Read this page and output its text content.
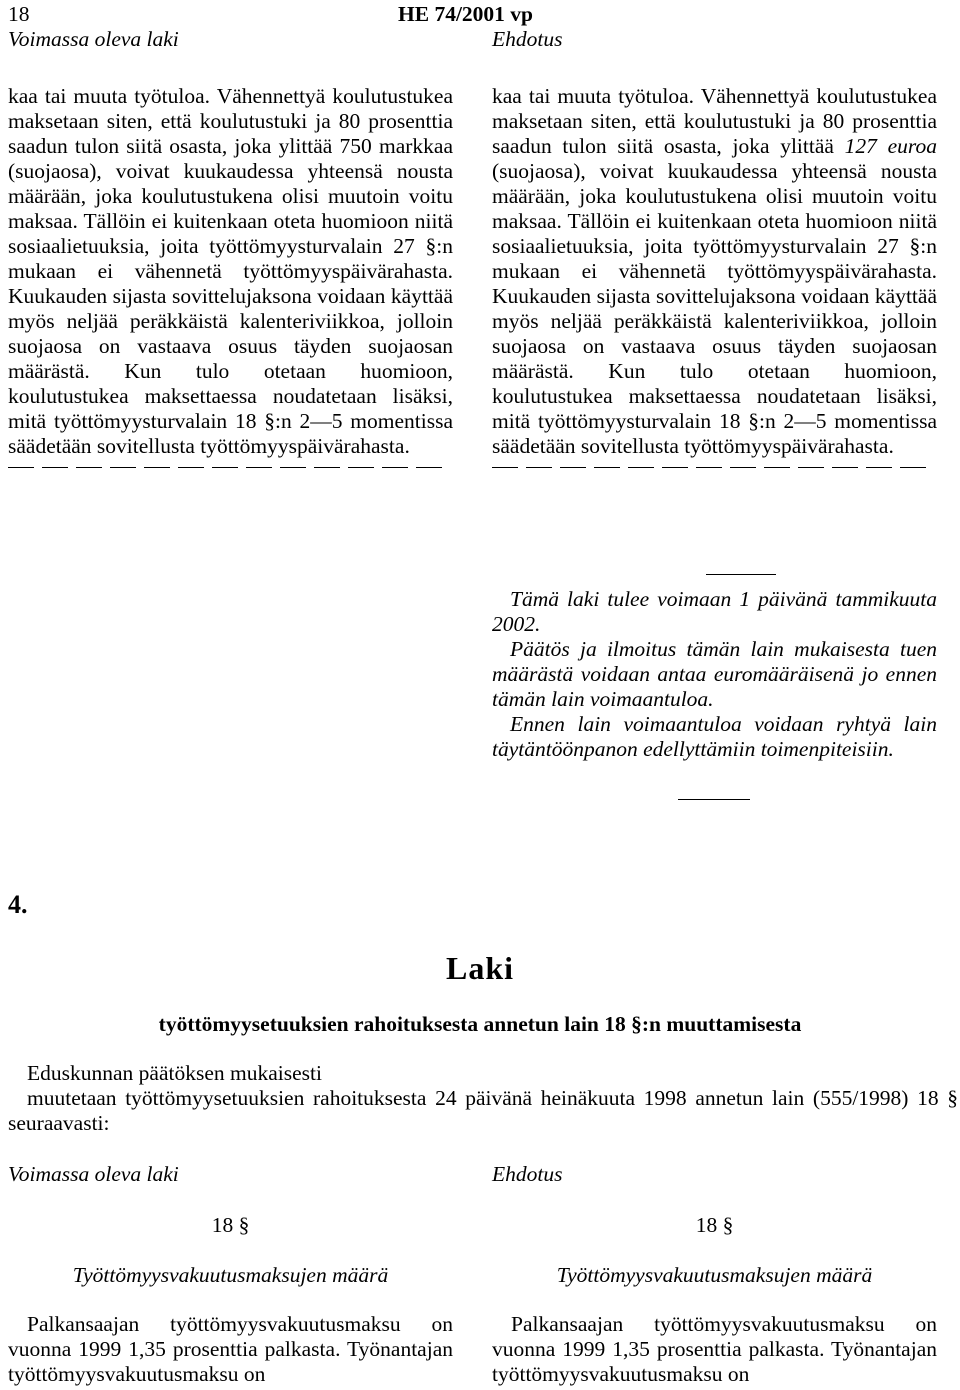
18	HE 74/2001 vp
Voimassa oleva laki	Ehdotus

kaa tai muuta työtuloa. Vähennettyä koulutustukea maksetaan siten, että koulutustuki ja 80 prosenttia saadun tulon siitä osasta, joka ylittää 750 markkaa (suojaosa), voivat kuukaudessa yhteensä nousta määrään, joka koulutustukena olisi muutoin voitu maksaa. Tällöin ei kuitenkaan oteta huomioon niitä sosiaalietuuksia, joita työttömyysturvalain 27 §:n mukaan ei vähennetä työttömyyspäivärahasta. Kuukauden sijasta sovittelujaksona voidaan käyttää myös neljää peräkkäistä kalenteriviikkoa, jolloin suojaosa on vastaava osuus täyden suojaosan määrästä. Kun tulo otetaan huomioon, koulutustukea maksettaessa noudatetaan lisäksi, mitä työttömyysturvalain 18 §:n 2—5 momentissa säädetään sovitellusta työttömyyspäivärahasta.

kaa tai muuta työtuloa. Vähennettyä koulutustukea maksetaan siten, että koulutustuki ja 80 prosenttia saadun tulon siitä osasta, joka ylittää 127 euroa (suojaosa), voivat kuukaudessa yhteensä nousta määrään, joka koulutustukena olisi muutoin voitu maksaa. Tällöin ei kuitenkaan oteta huomioon niitä sosiaalietuuksia, joita työttömyysturvalain 27 §:n mukaan ei vähennetä työttömyyspäivärahasta. Kuukauden sijasta sovittelujaksona voidaan käyttää myös neljää peräkkäistä kalenteriviikkoa, jolloin suojaosa on vastaava osuus täyden suojaosan määrästä. Kun tulo otetaan huomioon, koulutustukea maksettaessa noudatetaan lisäksi, mitä työttömyysturvalain 18 §:n 2—5 momentissa säädetään sovitellusta työttömyyspäivärahasta.

Tämä laki tulee voimaan 1 päivänä tammikuuta 2002.

Päätös ja ilmoitus tämän lain mukaisesta tuen määrästä voidaan antaa euromääräisenä jo ennen tämän lain voimaantuloa.

Ennen lain voimaantuloa voidaan ryhtyä lain täytäntöönpanon edellyttämiin toimenpiteisiin.

4.
Laki
työttömyysetuuksien rahoituksesta annetun lain 18 §:n muuttamisesta
Eduskunnan päätöksen mukaisesti
muutetaan työttömyysetuuksien rahoituksesta 24 päivänä heinäkuuta 1998 annetun lain (555/1998) 18 § seuraavasti:
Voimassa oleva laki	Ehdotus
18 §	18 §
Työttömyysvakuutusmaksujen määrä	Työttömyysvakuutusmaksujen määrä

Palkansaajan työttömyysvakuutusmaksu on vuonna 1999 1,35 prosenttia palkasta. Työnantajan työttömyysvakuutusmaksu on

Palkansaajan työttömyysvakuutusmaksu on vuonna 1999 1,35 prosenttia palkasta. Työnantajan työttömyysvakuutusmaksu on
